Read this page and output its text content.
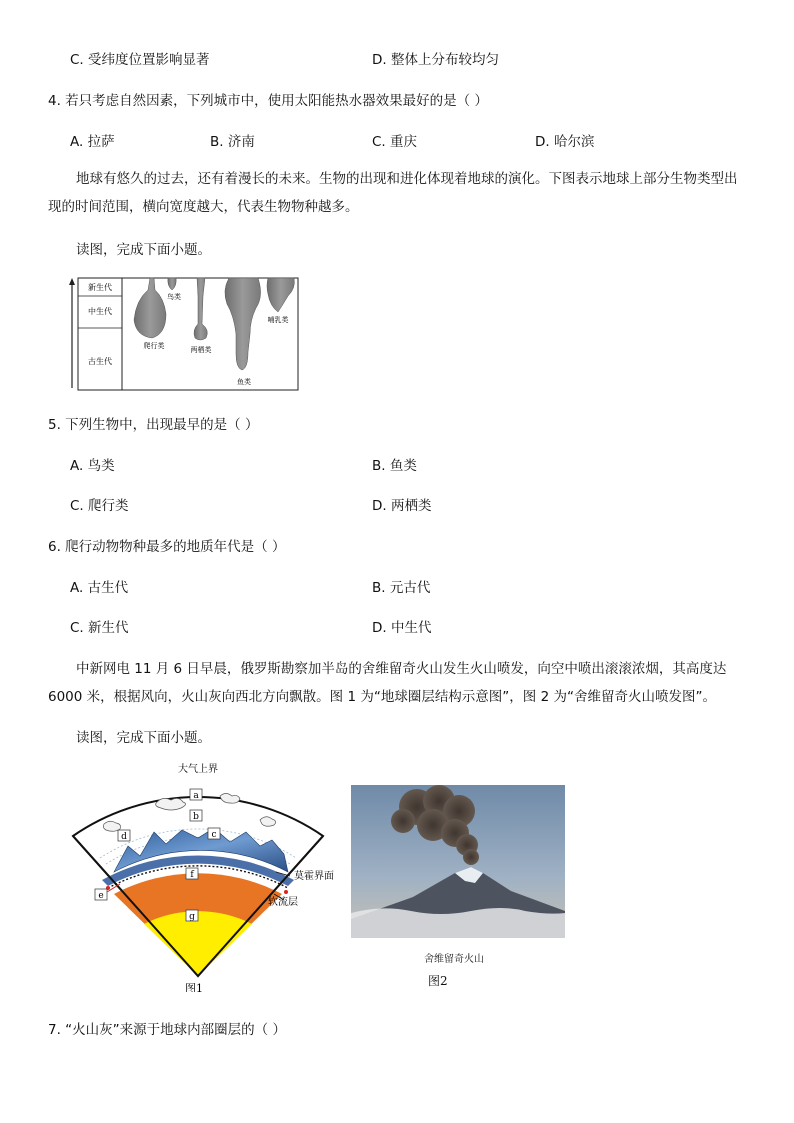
C. 受纬度位置影响显著	D. 整体上分布较均匀
4. 若只考虑自然因素，下列城市中，使用太阳能热水器效果最好的是（ ）
A. 拉萨	B. 济南	C. 重庆	D. 哈尔滨
地球有悠久的过去，还有着漫长的未来。生物的出现和进化体现着地球的演化。下图表示地球上部分生物类型出现的时间范围，横向宽度越大，代表生物物种越多。
读图，完成下面小题。
新生代
中生代
古生代
爬行类
鸟类
两栖类
鱼类
哺乳类
5. 下列生物中，出现最早的是（ ）
A. 鸟类	B. 鱼类
C. 爬行类	D. 两栖类
6. 爬行动物物种最多的地质年代是（ ）
A. 古生代	B. 元古代
C. 新生代	D. 中生代
中新网电 11 月 6 日早晨，俄罗斯勘察加半岛的舍维留奇火山发生火山喷发，向空中喷出滚滚浓烟，其高度达
6000 米，根据风向，火山灰向西北方向飘散。图 1 为“地球圈层结构示意图”，图 2 为“舍维留奇火山喷发图”。
读图，完成下面小题。
大气上界
a
b
c
d
e
f
g
莫霍界面
软流层
图1
舍维留奇火山
图2
7. “火山灰”来源于地球内部圈层的（ ）
